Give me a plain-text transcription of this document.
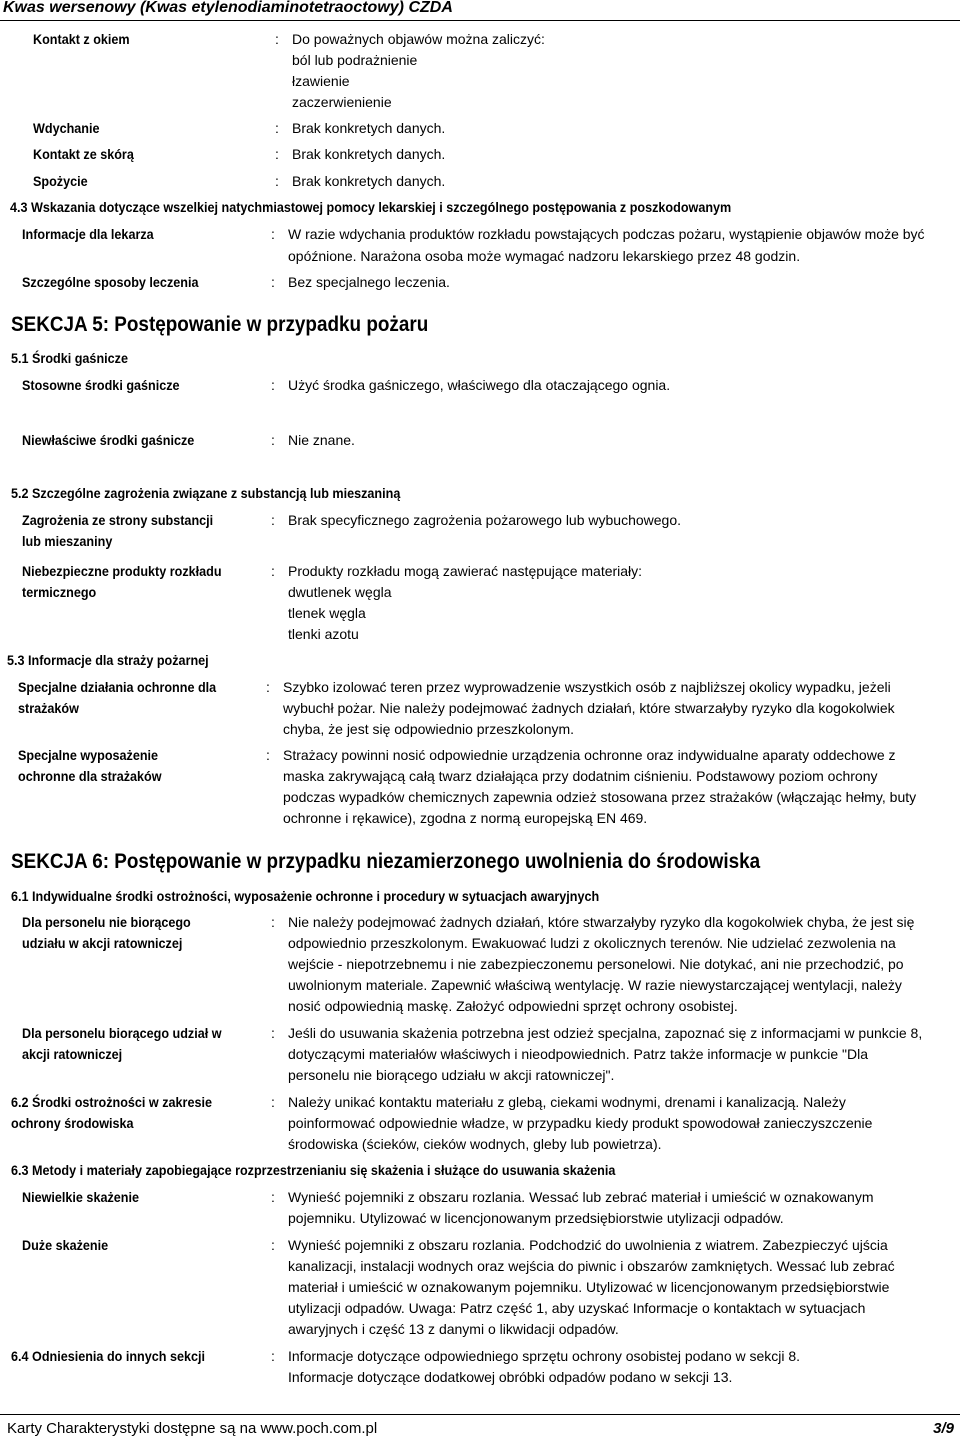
Kwas wersenowy (Kwas etylenodiaminotetraoctowy) CZDA
Kontakt z okiem	: Do poważnych objawów można zaliczyć:
ból lub podrażnienie
łzawienie
zaczerwienienie
Wdychanie	: Brak konkretych danych.
Kontakt ze skórą	: Brak konkretych danych.
Spożycie	: Brak konkretych danych.
4.3 Wskazania dotyczące wszelkiej natychmiastowej pomocy lekarskiej i szczególnego postępowania z poszkodowanym
Informacje dla lekarza	: W razie wdychania produktów rozkładu powstających podczas pożaru, wystąpienie objawów może być
opóźnione. Narażona osoba może wymagać nadzoru lekarskiego przez 48 godzin.
Szczególne sposoby leczenia	: Bez specjalnego leczenia.
SEKCJA 5: Postępowanie w przypadku pożaru
5.1 Środki gaśnicze
Stosowne środki gaśnicze	: Użyć środka gaśniczego, właściwego dla otaczającego ognia.
Niewłaściwe środki gaśnicze	: Nie znane.
5.2 Szczególne zagrożenia związane z substancją lub mieszaniną
Zagrożenia ze strony substancji
lub mieszaniny
: Brak specyficznego zagrożenia pożarowego lub wybuchowego.
Niebezpieczne produkty rozkładu
termicznego
: Produkty rozkładu mogą zawierać następujące materiały:
dwutlenek węgla
tlenek węgla
tlenki azotu
5.3 Informacje dla straży pożarnej
Specjalne działania ochronne dla
strażaków
: Szybko izolować teren przez wyprowadzenie wszystkich osób z najbliższej okolicy wypadku, jeżeli
wybuchł pożar. Nie należy podejmować żadnych działań, które stwarzałyby ryzyko dla kogokolwiek
chyba, że jest się odpowiednio przeszkolonym.
Specjalne wyposażenie
ochronne dla strażaków
: Strażacy powinni nosić odpowiednie urządzenia ochronne oraz indywidualne aparaty oddechowe z
maska zakrywającą całą twarz działająca przy dodatnim ciśnieniu. Podstawowy poziom ochrony
podczas wypadków chemicznych zapewnia odzież stosowana przez strażaków (włączając hełmy, buty
ochronne i rękawice), zgodna z normą europejską EN 469.
SEKCJA 6: Postępowanie w przypadku niezamierzonego uwolnienia do środowiska
6.1 Indywidualne środki ostrożności, wyposażenie ochronne i procedury w sytuacjach awaryjnych
Dla personelu nie biorącego
udziału w akcji ratowniczej
: Nie należy podejmować żadnych działań, które stwarzałyby ryzyko dla kogokolwiek chyba, że jest się
odpowiednio przeszkolonym. Ewakuować ludzi z okolicznych terenów. Nie udzielać zezwolenia na
wejście - niepotrzebnemu i nie zabezpieczonemu personelowi. Nie dotykać, ani nie przechodzić, po
uwolnionym materiale. Zapewnić właściwą wentylację. W razie niewystarczającej wentylacji, należy
nosić odpowiednią maskę. Założyć odpowiedni sprzęt ochrony osobistej.
Dla personelu biorącego udział w
akcji ratowniczej
: Jeśli do usuwania skażenia potrzebna jest odzież specjalna, zapoznać się z informacjami w punkcie 8,
dotyczącymi materiałów właściwych i nieodpowiednich. Patrz także informacje w punkcie "Dla
personelu nie biorącego udziału w akcji ratowniczej".
6.2 Środki ostrożności w zakresie
ochrony środowiska
: Należy unikać kontaktu materiału z glebą, ciekami wodnymi, drenami i kanalizacją. Należy
poinformować odpowiednie władze, w przypadku kiedy produkt spowodował zanieczyszczenie
środowiska (ścieków, cieków wodnych, gleby lub powietrza).
6.3 Metody i materiały zapobiegające rozprzestrzenianiu się skażenia i służące do usuwania skażenia
Niewielkie skażenie	: Wynieść pojemniki z obszaru rozlania. Wessać lub zebrać materiał i umieścić w oznakowanym
pojemniku. Utylizować w licencjonowanym przedsiębiorstwie utylizacji odpadów.
Duże skażenie	: Wynieść pojemniki z obszaru rozlania. Podchodzić do uwolnienia z wiatrem. Zabezpieczyć ujścia
kanalizacji, instalacji wodnych oraz wejścia do piwnic i obszarów zamkniętych. Wessać lub zebrać
materiał i umieścić w oznakowanym pojemniku. Utylizować w licencjonowanym przedsiębiorstwie
utylizacji odpadów. Uwaga: Patrz część 1, aby uzyskać Informacje o kontaktach w sytuacjach
awaryjnych i część 13 z danymi o likwidacji odpadów.
6.4 Odniesienia do innych sekcji	: Informacje dotyczące odpowiedniego sprzętu ochrony osobistej podano w sekcji 8.
Informacje dotyczące dodatkowej obróbki odpadów podano w sekcji 13.
Karty Charakterystyki dostępne są na www.poch.com.pl	3/9
